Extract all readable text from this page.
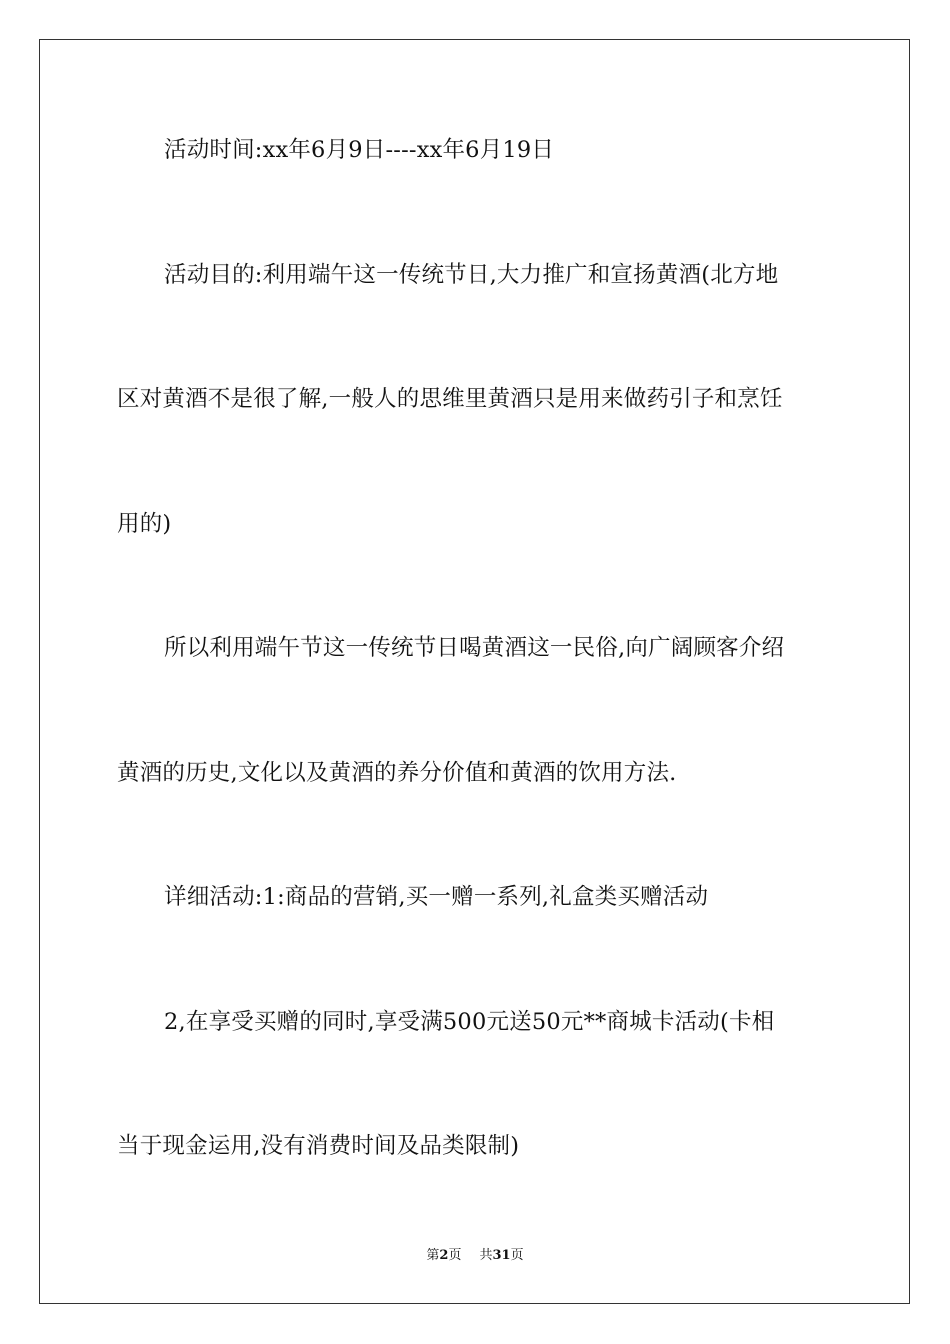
活动时间:xx年6月9日----xx年6月19日
活动目的:利用端午这一传统节日,大力推广和宣扬黄酒(北方地
区对黄酒不是很了解,一般人的思维里黄酒只是用来做药引子和烹饪
用的)
所以利用端午节这一传统节日喝黄酒这一民俗,向广阔顾客介绍
黄酒的历史,文化以及黄酒的养分价值和黄酒的饮用方法.
详细活动:1:商品的营销,买一赠一系列,礼盒类买赠活动
2,在享受买赠的同时,享受满500元送50元**商城卡活动(卡相
当于现金运用,没有消费时间及品类限制)
第2页 共31页
